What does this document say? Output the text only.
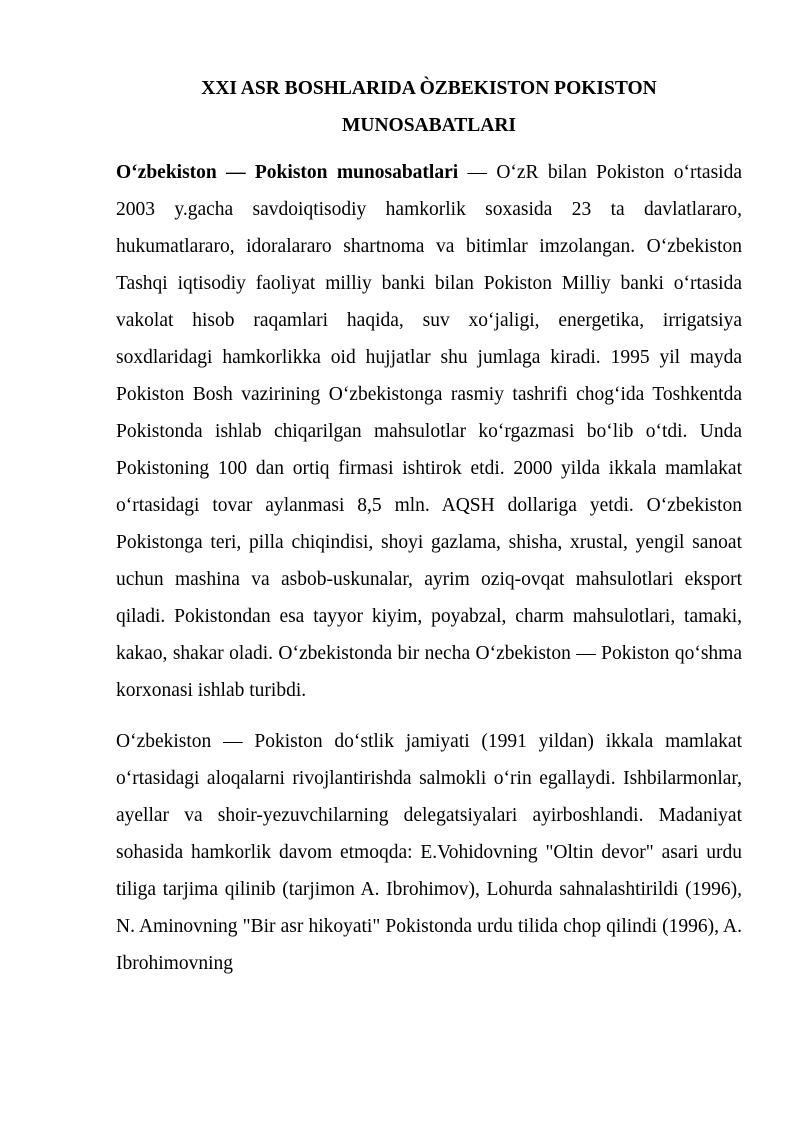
XXI ASR BOSHLARIDA ÒZBEKISTON POKISTON
MUNOSABATLARI

O‘zbekiston — Pokiston munosabatlari — O‘zR bilan Pokiston o‘rtasida 2003 y.gacha savdoiqtisodiy hamkorlik soxasida 23 ta davlatlararo, hukumatlararo, idoralararo shartnoma va bitimlar imzolangan. O‘zbekiston Tashqi iqtisodiy faoliyat milliy banki bilan Pokiston Milliy banki o‘rtasida vakolat hisob raqamlari haqida, suv xo‘jaligi, energetika, irrigatsiya soxdlaridagi hamkorlikka oid hujjatlar shu jumlaga kiradi. 1995 yil mayda Pokiston Bosh vazirining O‘zbekistonga rasmiy tashrifi chog‘ida Toshkentda Pokistonda ishlab chiqarilgan mahsulotlar ko‘rgazmasi bo‘lib o‘tdi. Unda Pokistoning 100 dan ortiq firmasi ishtirok etdi. 2000 yilda ikkala mamlakat o‘rtasidagi tovar aylanmasi 8,5 mln. AQSH dollariga yetdi. O‘zbekiston Pokistonga teri, pilla chiqindisi, shoyi gazlama, shisha, xrustal, yengil sanoat uchun mashina va asbob-uskunalar, ayrim oziq-ovqat mahsulotlari eksport qiladi. Pokistondan esa tayyor kiyim, poyabzal, charm mahsulotlari, tamaki, kakao, shakar oladi. O‘zbekistonda bir necha O‘zbekiston — Pokiston qo‘shma korxonasi ishlab turibdi.

O‘zbekiston — Pokiston do‘stlik jamiyati (1991 yildan) ikkala mamlakat o‘rtasidagi aloqalarni rivojlantirishda salmokli o‘rin egallaydi. Ishbilarmonlar, ayellar va shoir-yezuvchilarning delegatsiyalari ayirboshlandi. Madaniyat sohasida hamkorlik davom etmoqda: E.Vohidovning "Oltin devor" asari urdu tiliga tarjima qilinib (tarjimon A. Ibrohimov), Lohurda sahnalashtirildi (1996), N. Aminovning "Bir asr hikoyati" Pokistonda urdu tilida chop qilindi (1996), A. Ibrohimovning
